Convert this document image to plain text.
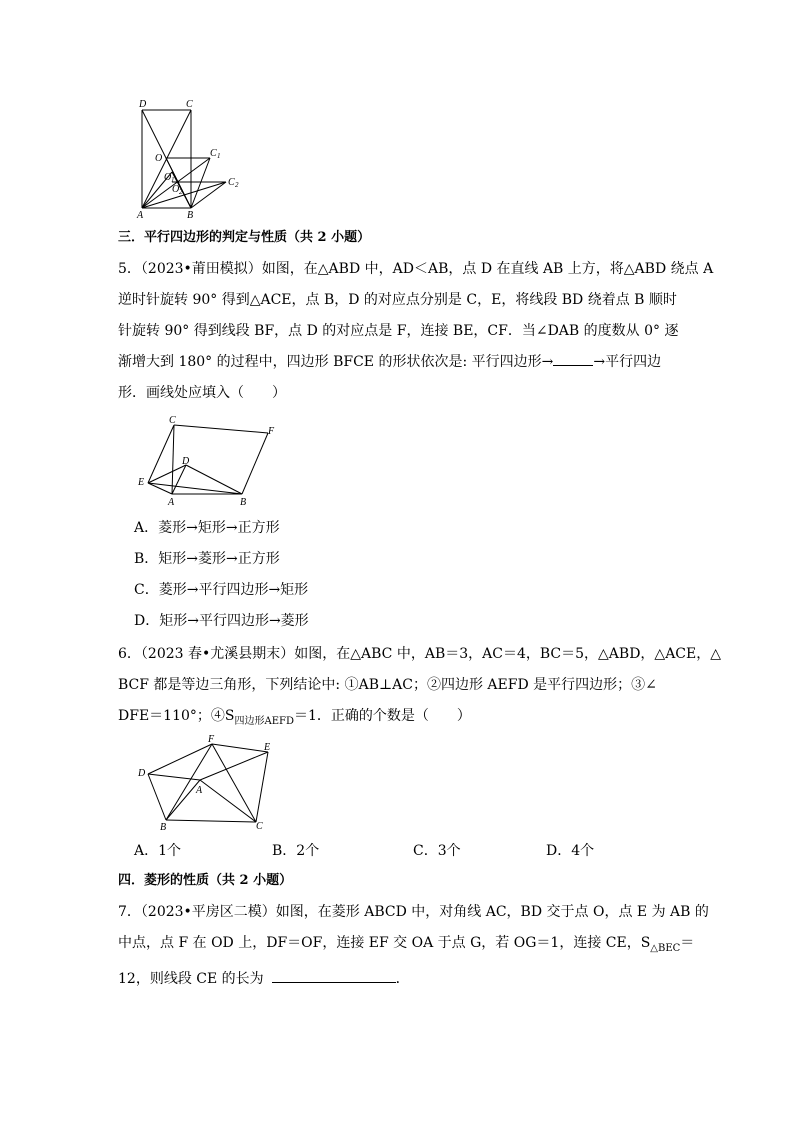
D	C
O	C 1
O 1
O 2
C 2
A	B
三．平行四边形的判定与性质（共 2 小题）
5．（2023•莆田模拟）如图，在△ABD 中，AD＜AB，点 D 在直线 AB 上方，将△ABD 绕点 A
逆时针旋转 90° 得到△ACE，点 B，D 的对应点分别是 C，E，将线段 BD 绕着点 B 顺时
针旋转 90° 得到线段 BF，点 D 的对应点是 F，连接 BE，CF．当∠DAB 的度数从 0° 逐
渐增大到 180° 的过程中，四边形 BFCE 的形状依次是: 平行四边形→	→平行四边
形．画线处应填入（　　）
C
F
D
E
A	B
A．菱形→矩形→正方形
B．矩形→菱形→正方形
C．菱形→平行四边形→矩形
D．矩形→平行四边形→菱形
6．（2023 春•尤溪县期末）如图，在△ABC 中，AB＝3，AC＝4，BC＝5，△ABD，△ACE，△
BCF 都是等边三角形，下列结论中: ①AB⊥AC；②四边形 AEFD 是平行四边形；③∠
DFE＝110°；$④S_{四边形AEFD}=1$．正确的个数是（　　）
F
E
D
A
B	C
A．1个	B．2个	C．3个	D．4个
四．菱形的性质（共 2 小题）
7．（2023•平房区二模）如图，在菱形 ABCD 中，对角线 AC，BD 交于点 O，点 E 为 AB 的
中点，点 F 在 OD 上，DF＝OF，连接 EF 交 OA 于点 G，若 OG＝1，连接 CE，$S_{\triangle BEC}=$
12，则线段 CE 的长为	．
